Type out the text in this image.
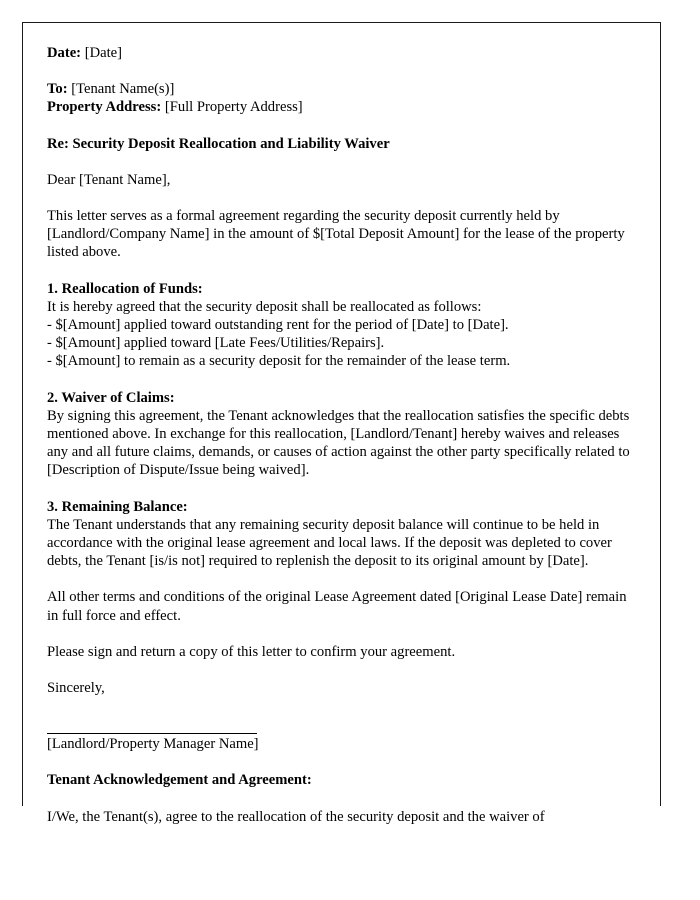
Date: [Date]

To: [Tenant Name(s)]

Property Address: [Full Property Address]

Re: Security Deposit Reallocation and Liability Waiver

Dear [Tenant Name],

This letter serves as a formal agreement regarding the security deposit currently held by [Landlord/Company Name] in the amount of $[Total Deposit Amount] for the lease of the property listed above.

1. Reallocation of Funds:

It is hereby agreed that the security deposit shall be reallocated as follows:

- $[Amount] applied toward outstanding rent for the period of [Date] to [Date].

- $[Amount] applied toward [Late Fees/Utilities/Repairs].

- $[Amount] to remain as a security deposit for the remainder of the lease term.

2. Waiver of Claims:

By signing this agreement, the Tenant acknowledges that the reallocation satisfies the specific debts mentioned above. In exchange for this reallocation, [Landlord/Tenant] hereby waives and releases any and all future claims, demands, or causes of action against the other party specifically related to [Description of Dispute/Issue being waived].

3. Remaining Balance:

The Tenant understands that any remaining security deposit balance will continue to be held in accordance with the original lease agreement and local laws. If the deposit was depleted to cover debts, the Tenant [is/is not] required to replenish the deposit to its original amount by [Date].

All other terms and conditions of the original Lease Agreement dated [Original Lease Date] remain in full force and effect.

Please sign and return a copy of this letter to confirm your agreement.

Sincerely,

[Landlord/Property Manager Name]

Tenant Acknowledgement and Agreement:

I/We, the Tenant(s), agree to the reallocation of the security deposit and the waiver of
